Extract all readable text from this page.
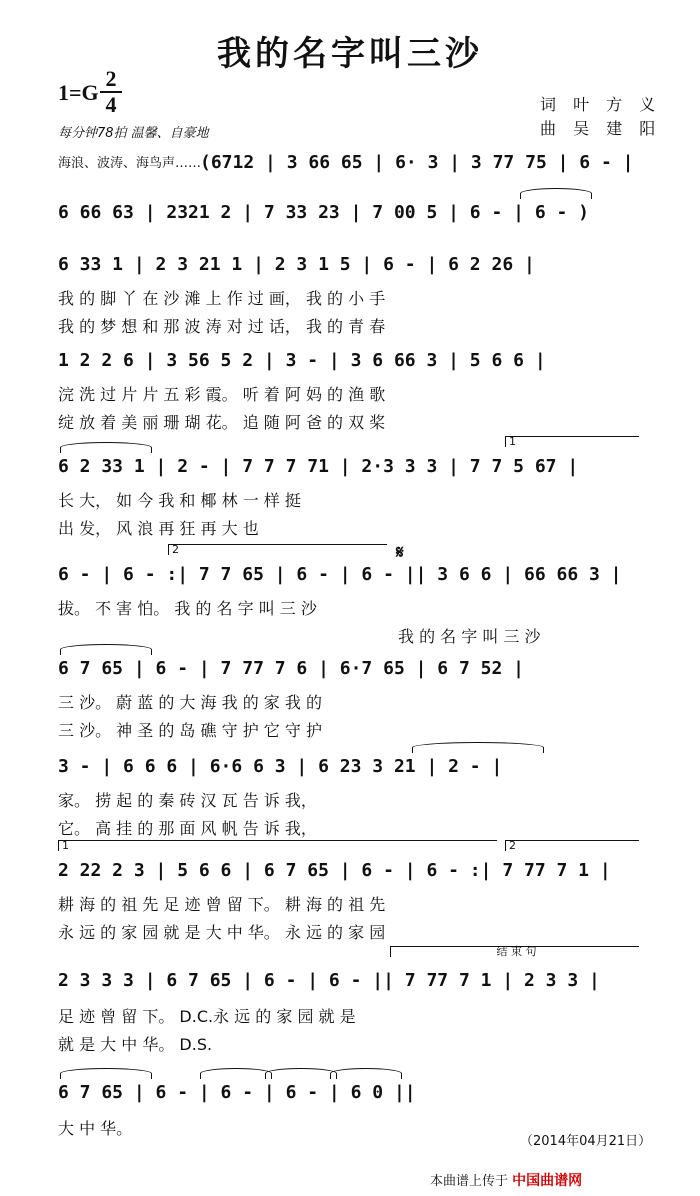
我的名字叫三沙
1=G
2
4
每分钟78拍 温馨、自豪地
词 叶 方 义
曲 吴 建 阳
海浪、波涛、海鸟声……
(6712 | 3 66 65 | 6· 3 | 3 77 75 | 6 - |
6 66 63 | 2321 2 | 7 33 23 | 7 00 5 | 6 - | 6 - )
6 33 1 | 2 3 21 1 | 2 3 1 5 | 6 - | 6 2 26 |
我 的 脚 丫 在 沙 滩 上 作 过 画， 我 的 小 手
我 的 梦 想 和 那 波 涛 对 过 话， 我 的 青 春
1 2 2 6 | 3 56 5 2 | 3 - | 3 6 66 3 | 5 6 6 |
浣 洗 过 片 片 五 彩 霞。 听 着 阿 妈 的 渔 歌
绽 放 着 美 丽 珊 瑚 花。 追 随 阿 爸 的 双 桨
6 2 33 1 | 2 - | 7 7 7 71 | 2·3 3 3 | 7 7 5 67 |
1
长 大， 如 今 我 和 椰 林 一 样 挺
出 发， 风 浪 再 狂 再 大 也
6 - | 6 - :| 7 7 65 | 6 - | 6 - || 3 6 6 | 66 66 3 |
2	𝄋
拔。 不 害 怕。 我 的 名 字 叫 三 沙
我 的 名 字 叫 三 沙
6 7 65 | 6 - | 7 77 7 6 | 6·7 65 | 6 7 52 |
三 沙。 蔚 蓝 的 大 海 我 的 家 我 的
三 沙。 神 圣 的 岛 礁 守 护 它 守 护
3 - | 6 6 6 | 6·6 6 3 | 6 23 3 21 | 2 - |
家。 捞 起 的 秦 砖 汉 瓦 告 诉 我，
它。 高 挂 的 那 面 风 帆 告 诉 我，
2 22 2 3 | 5 6 6 | 6 7 65 | 6 - | 6 - :| 7 77 7 1 |
1	2
耕 海 的 祖 先 足 迹 曾 留 下。 耕 海 的 祖 先
永 远 的 家 园 就 是 大 中 华。 永 远 的 家 园
2 3 3 3 | 6 7 65 | 6 - | 6 - || 7 77 7 1 | 2 3 3 |
结 束 句
足 迹 曾 留 下。 D.C.永 远 的 家 园 就 是
就 是 大 中 华。 D.S.
6 7 65 | 6 - | 6 - | 6 - | 6 0 ||
大 中 华。
（2014年04月21日）
本曲谱上传于 中国曲谱网
